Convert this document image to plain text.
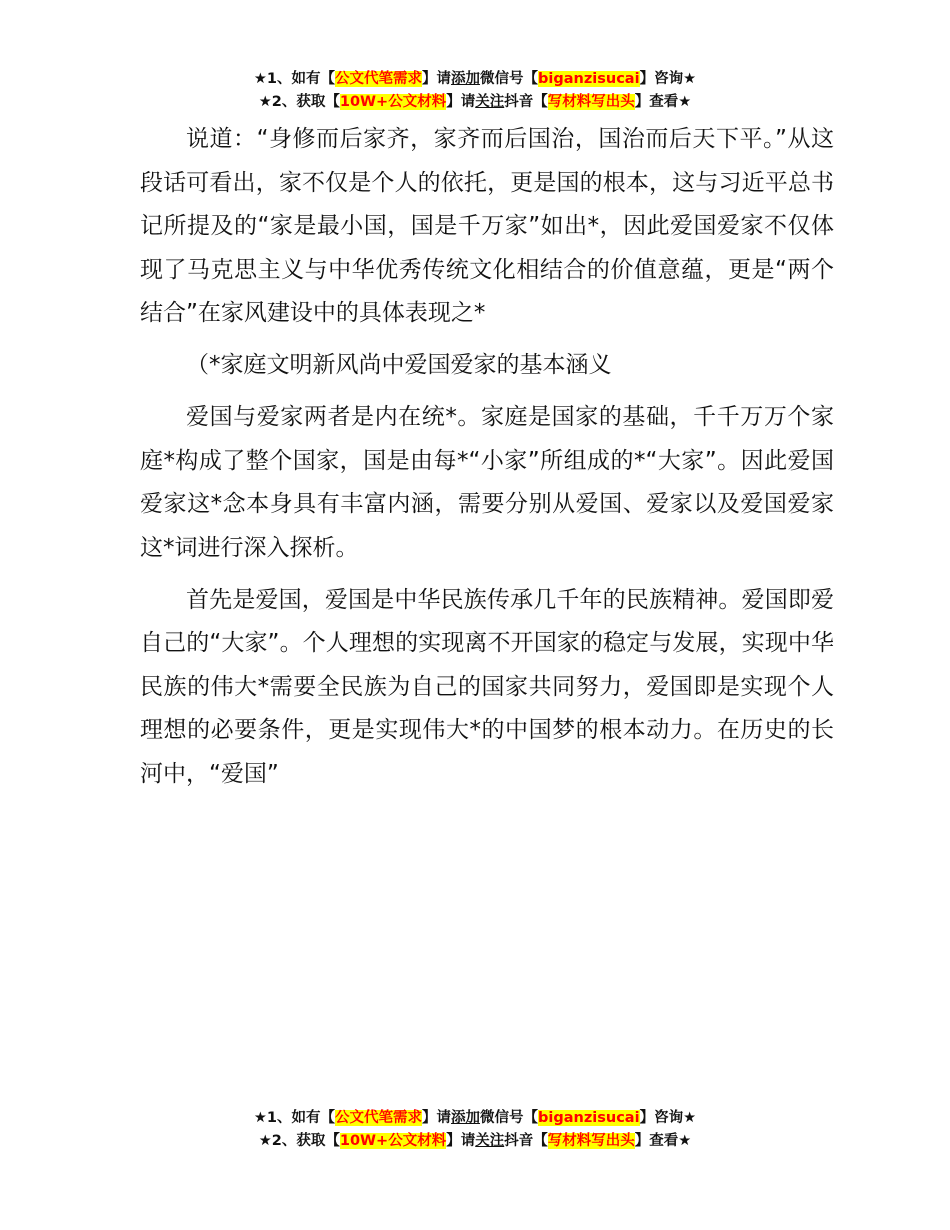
★1、如有【公文代笔需求】请添加微信号【biganzisucai】咨询★
★2、获取【10W+公文材料】请关注抖音【写材料写出头】查看★

说道：“身修而后家齐，家齐而后国治，国治而后天下平。”从这段话可看出，家不仅是个人的依托，更是国的根本，这与习近平总书记所提及的“家是最小国，国是千万家”如出*，因此爱国爱家不仅体现了马克思主义与中华优秀传统文化相结合的价值意蕴，更是“两个结合”在家风建设中的具体表现之*

（*家庭文明新风尚中爱国爱家的基本涵义

爱国与爱家两者是内在统*。家庭是国家的基础，千千万万个家庭*构成了整个国家，国是由每*“小家”所组成的*“大家”。因此爱国爱家这*念本身具有丰富内涵，需要分别从爱国、爱家以及爱国爱家这*词进行深入探析。

首先是爱国，爱国是中华民族传承几千年的民族精神。爱国即爱自己的“大家”。个人理想的实现离不开国家的稳定与发展，实现中华民族的伟大*需要全民族为自己的国家共同努力，爱国即是实现个人理想的必要条件，更是实现伟大*的中国梦的根本动力。在历史的长河中，“爱国”

★1、如有【公文代笔需求】请添加微信号【biganzisucai】咨询★
★2、获取【10W+公文材料】请关注抖音【写材料写出头】查看★
